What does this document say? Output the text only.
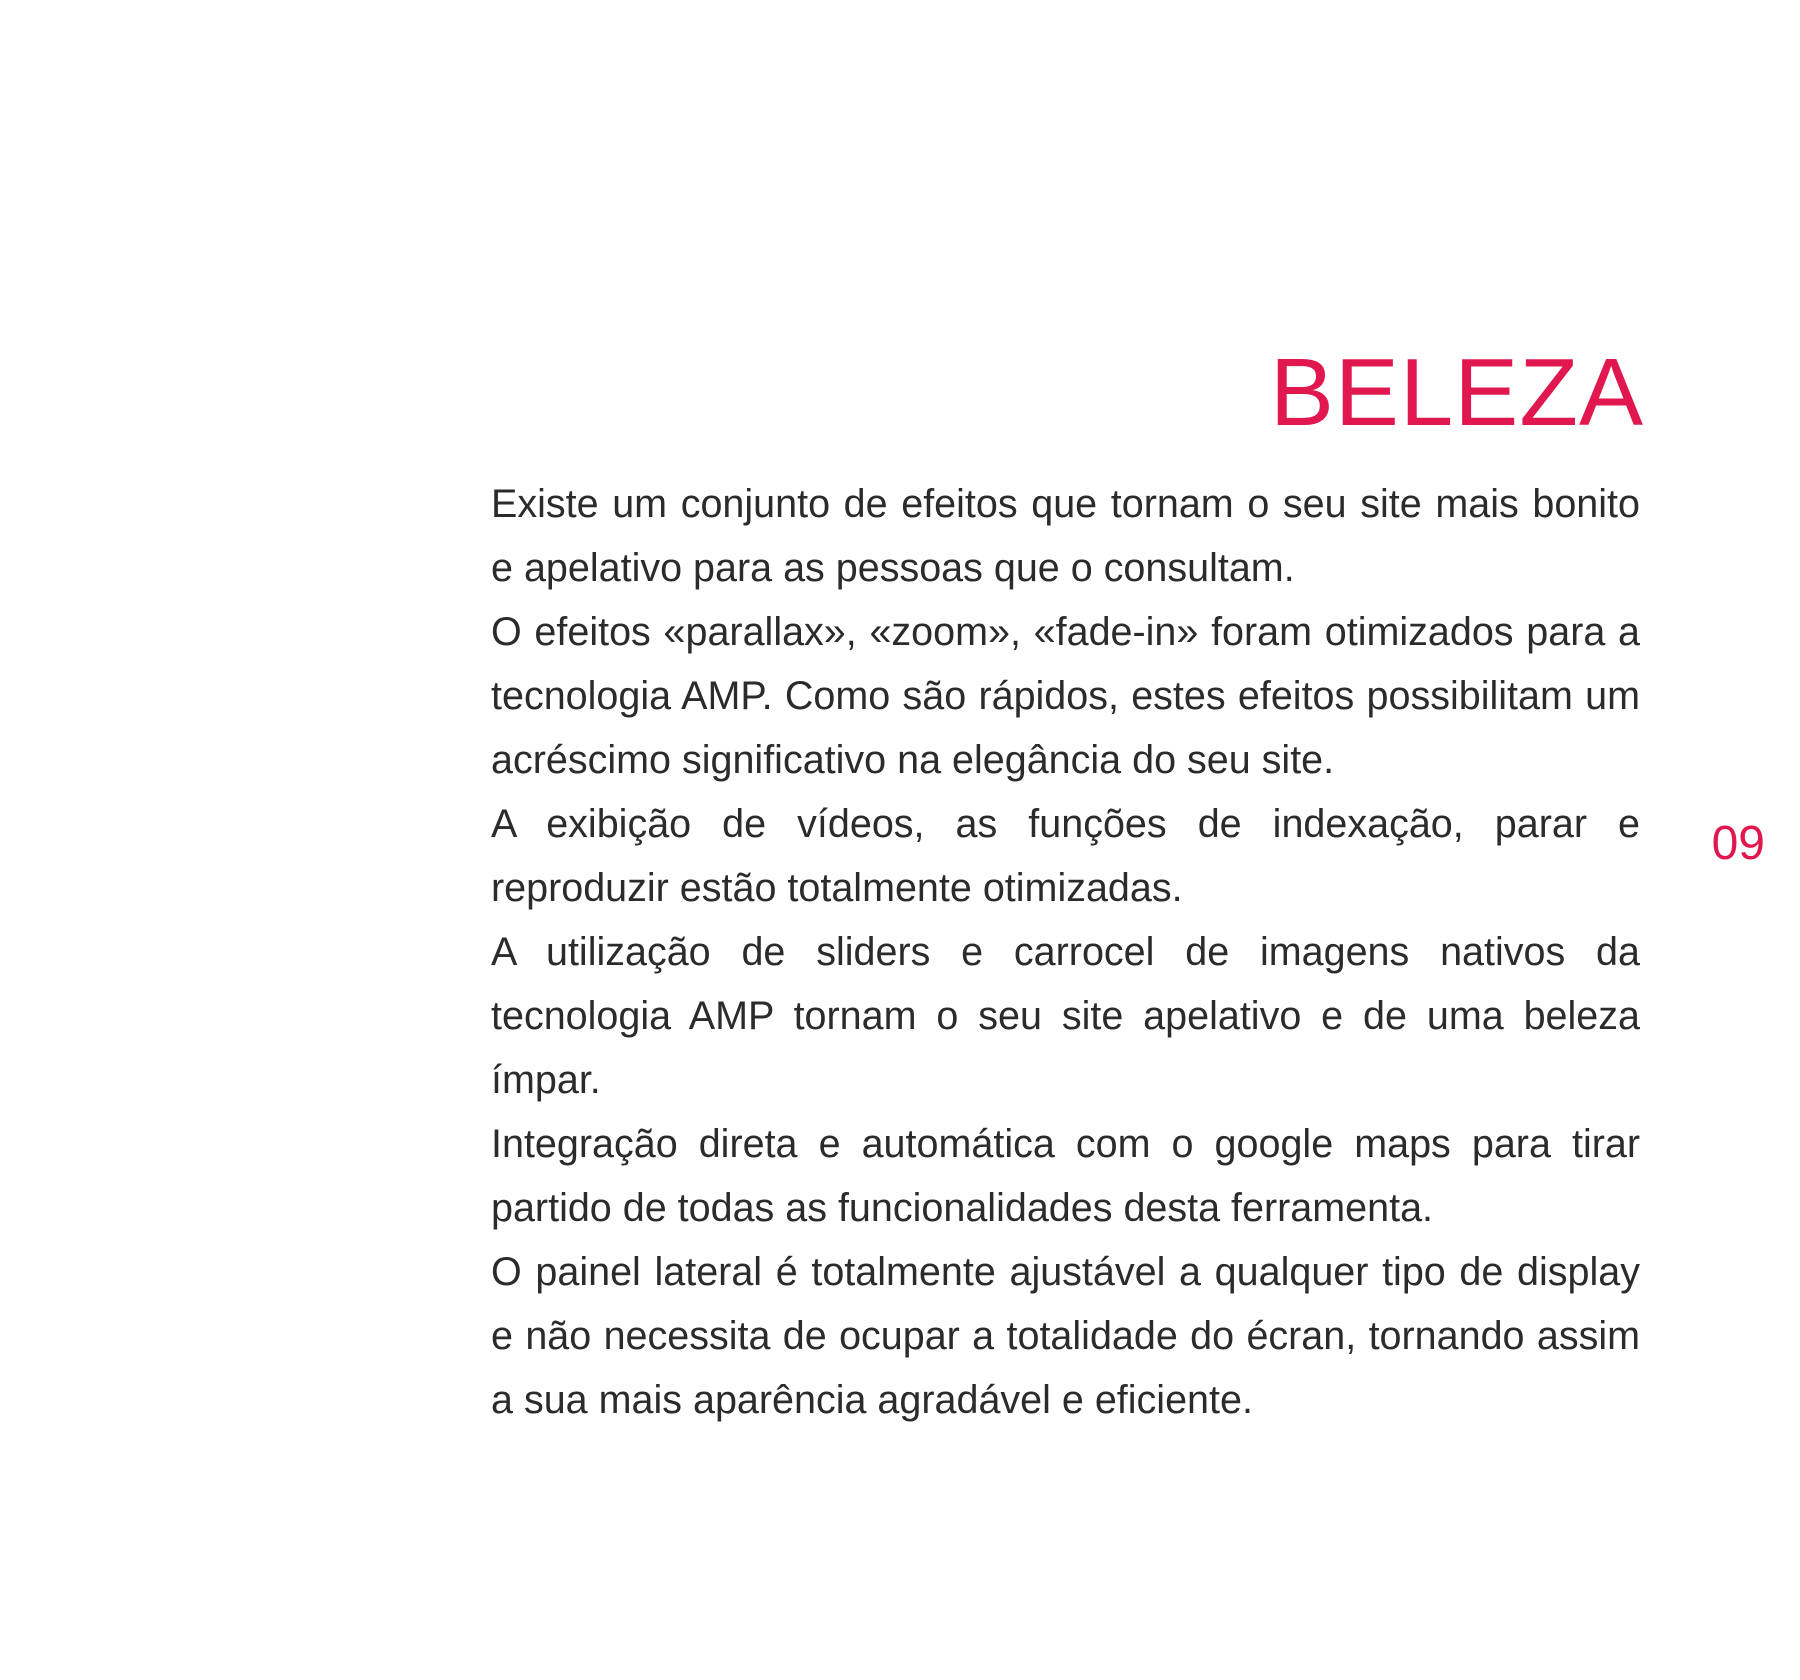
BELEZA

Existe um conjunto de efeitos que tornam o seu site mais bonito e apelativo para as pessoas que o consultam.

O efeitos «parallax», «zoom», «fade-in» foram otimizados para a tecnologia AMP. Como são rápidos, estes efeitos possibilitam um acréscimo significativo na elegância do seu site.

A exibição de vídeos, as funções de indexação, parar e reproduzir estão totalmente otimizadas.

A utilização de sliders e carrocel de imagens nativos da tecnologia AMP tornam o seu site apelativo e de uma beleza ímpar.

Integração direta e automática com o google maps para tirar partido de todas as funcionalidades desta ferramenta.

O painel lateral é totalmente ajustável a qualquer tipo de display e não necessita de ocupar a totalidade do écran, tornando assim a sua mais aparência agradável e eficiente.

09
